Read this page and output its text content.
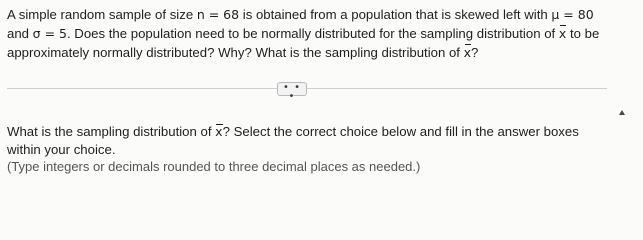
A simple random sample of size n = 68 is obtained from a population that is skewed left with μ = 80
and σ = 5. Does the population need to be normally distributed for the sampling distribution of x to be
approximately normally distributed? Why? What is the sampling distribution of x?
• • •
What is the sampling distribution of x? Select the correct choice below and fill in the answer boxes
within your choice.
(Type integers or decimals rounded to three decimal places as needed.)
